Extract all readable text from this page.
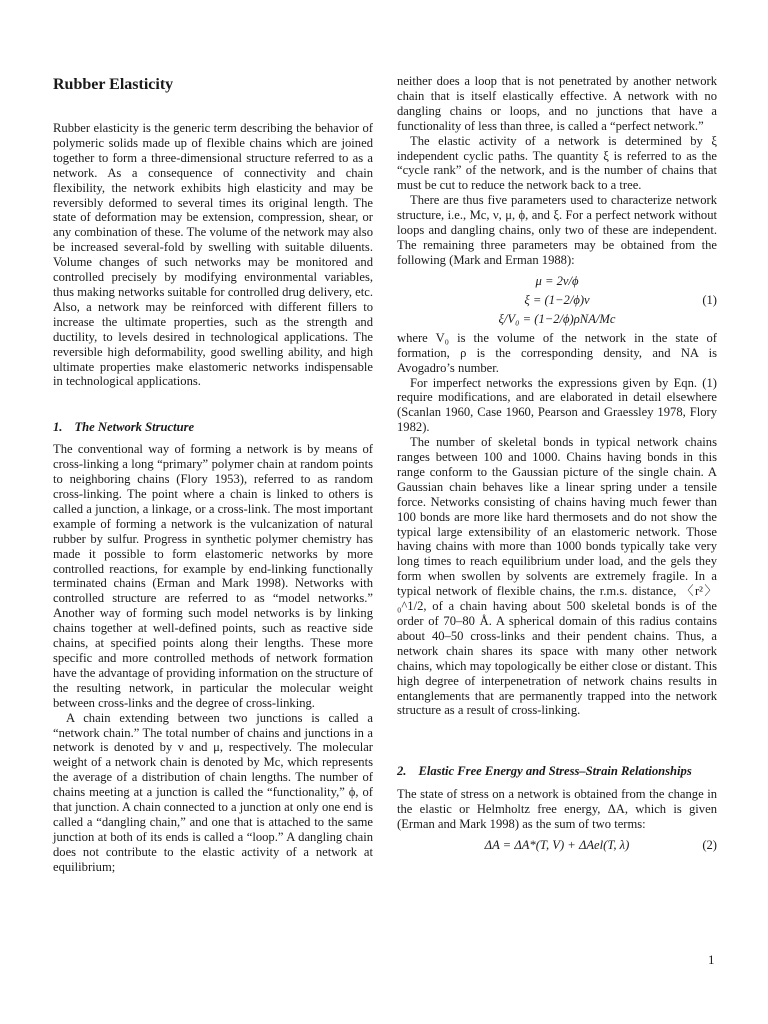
Rubber Elasticity

Rubber elasticity is the generic term describing the behavior of polymeric solids made up of flexible chains which are joined together to form a three-dimensional structure referred to as a network. As a consequence of connectivity and chain flexibility, the network exhibits high elasticity and may be reversibly deformed to several times its original length. The state of deformation may be extension, compression, shear, or any combination of these. The volume of the network may also be increased several-fold by swelling with suitable diluents. Volume changes of such networks may be monitored and controlled precisely by modifying environmental variables, thus making networks suitable for controlled drug delivery, etc. Also, a network may be reinforced with different fillers to increase the ultimate properties, such as the strength and ductility, to levels desired in technological applications. The reversible high deformability, good swelling ability, and high ultimate properties make elastomeric networks indispensable in technological applications.

1. The Network Structure

The conventional way of forming a network is by means of cross-linking a long “primary” polymer chain at random points to neighboring chains (Flory 1953), referred to as random cross-linking. The point where a chain is linked to others is called a junction, a linkage, or a cross-link. The most important example of forming a network is the vulcanization of natural rubber by sulfur. Progress in synthetic polymer chemistry has made it possible to form elastomeric networks by more controlled reactions, for example by end-linking functionally terminated chains (Erman and Mark 1998). Networks with controlled structure are referred to as “model networks.” Another way of forming such model networks is by linking chains together at well-defined points, such as reactive side chains, at specified points along their lengths. These more specific and more controlled methods of network formation have the advantage of providing information on the structure of the resulting network, in particular the molecular weight between cross-links and the degree of cross-linking.

A chain extending between two junctions is called a “network chain.” The total number of chains and junctions in a network is denoted by ν and μ, respectively. The molecular weight of a network chain is denoted by Mc, which represents the average of a distribution of chain lengths. The number of chains meeting at a junction is called the “functionality,” ϕ, of that junction. A chain connected to a junction at only one end is called a “dangling chain,” and one that is attached to the same junction at both of its ends is called a “loop.” A dangling chain does not contribute to the elastic activity of a network at equilibrium;

neither does a loop that is not penetrated by another network chain that is itself elastically effective. A network with no dangling chains or loops, and no junctions that have a functionality of less than three, is called a “perfect network.”

The elastic activity of a network is determined by ξ independent cyclic paths. The quantity ξ is referred to as the “cycle rank” of the network, and is the number of chains that must be cut to reduce the network back to a tree.

There are thus five parameters used to characterize network structure, i.e., Mc, ν, μ, ϕ, and ξ. For a perfect network without loops and dangling chains, only two of these are independent. The remaining three parameters may be obtained from the following (Mark and Erman 1988):

μ = 2ν/ϕ
ξ = (1−2/ϕ)ν
ξ/V₀ = (1−2/ϕ)ρNA/Mc
(1)

where V₀ is the volume of the network in the state of formation, ρ is the corresponding density, and NA is Avogadro’s number.

For imperfect networks the expressions given by Eqn. (1) require modifications, and are elaborated in detail elsewhere (Scanlan 1960, Case 1960, Pearson and Graessley 1978, Flory 1982).

The number of skeletal bonds in typical network chains ranges between 100 and 1000. Chains having bonds in this range conform to the Gaussian picture of the single chain. A Gaussian chain behaves like a linear spring under a tensile force. Networks consisting of chains having much fewer than 100 bonds are more like hard thermosets and do not show the typical large extensibility of an elastomeric network. Those having chains with more than 1000 bonds typically take very long times to reach equilibrium under load, and the gels they form when swollen by solvents are extremely fragile. In a typical network of flexible chains, the r.m.s. distance, 〈r²〉₀^1/2, of a chain having about 500 skeletal bonds is of the order of 70–80 Å. A spherical domain of this radius contains about 40–50 cross-links and their pendent chains. Thus, a network chain shares its space with many other network chains, which may topologically be either close or distant. This high degree of interpenetration of network chains results in entanglements that are permanently trapped into the network structure as a result of cross-linking.

2. Elastic Free Energy and Stress–Strain Relationships

The state of stress on a network is obtained from the change in the elastic or Helmholtz free energy, ΔA, which is given (Erman and Mark 1998) as the sum of two terms:

ΔA = ΔA*(T, V) + ΔAel(T, λ)	(2)
1
